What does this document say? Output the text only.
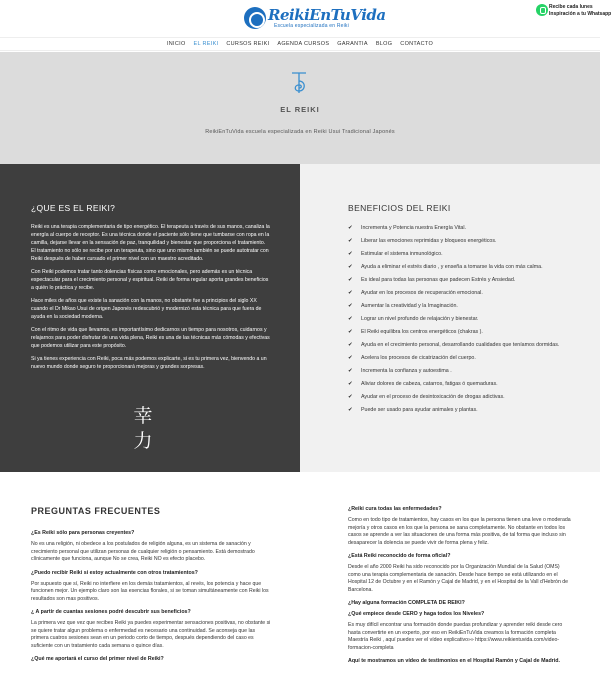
ReikiEnTuVida
Escuela especializada en Reiki
Recibe cada lunes
Inspiración a tu Whatsapp
INICIO EL REIKI CURSOS REIKI AGENDA CURSOS GARANTIA BLOG CONTACTO
EL REIKI
ReikiEnTuVida escuela especializada en Reiki Usui Tradicional Japonés
¿QUE ES EL REIKI?

Reiki es una terapia complementaria de tipo energético. El terapeuta a través de sus manos, canaliza la energía al cuerpo de receptor. Es una técnica donde el paciente sólo tiene que tumbarse con ropa en la camilla, dejarse llevar en la sensación de paz, tranquilidad y bienestar que proporciona el tratamiento. El tratamiento no sólo se recibe por un terapeuta, sino que uno mismo también se puede autotratar con Reiki después de haber cursado el primer nivel con un maestro acreditado.

Con Reiki podemos tratar tanto dolencias físicas como emocionales, pero además es un técnica espectacular para el crecimiento personal y espiritual. Reiki de forma regular aporta grandes beneficios a quién lo práctica y recibe.

Hace miles de años que existe la sanación con la manos, no obstante fue a principios del siglo XX cuando el Dr Mikao Usui de origen Japonés redescubrió y modernizó esta técnica para que fuera de ayuda en la sociedad moderna.

Con el ritmo de vida que llevamos, es importantísimo dedicarnos un tiempo para nosotros, cuidarnos y relajarnos para poder disfrutar de una vida plena, Reiki es una de las técnicas más cómodas y efectivas que podemos utilizar para este propósito.

Si ya tienes experiencia con Reiki, poca más podemos explicarte, si es tu primera vez, bienvendo a un nuevo mundo donde seguro te proporcionará mejoras y grandes sorpresas.

幸
力
BENEFICIOS DEL REIKI
✔ Incrementa y Potencia nuestra Energía Vital.
✔ Liberar las emociones reprimidas y bloqueos energéticos.
✔ Estimular el sistema inmunológico.
✔ Ayuda a eliminar el estrés diario , y enseña a tomarse la vida con más calma.
✔ Es ideal para todas las personas que padecen Estrés y Ansiedad.
✔ Ayudar en los procesos de recuperación emocional.
✔ Aumentar la creatividad y la Imaginación.
✔ Lograr un nivel profundo de relajación y bienestar.
✔ El Reiki equilibra los centros energéticos (chakras ).
✔ Ayuda en el crecimiento personal, desarrollando cualidades que teníamos dormidas.
✔ Acelera los procesos de cicatrización del cuerpo.
✔ Incrementa la confianza y autoestima .
✔ Aliviar dolores de cabeza, catarros, fatigas ó quemaduras.
✔ Ayudar en el proceso de desintoxicación de drogas adictivas.
✔ Puede ser usado para ayudar animales y plantas.
PREGUNTAS FRECUENTES
¿Es Reiki sólo para personas creyentes?
No es una religión, ni obedece a los postulados de religión alguna, es un sistema de sanación y crecimiento personal que utilizan personas de cualquier religión o pensamiento. Está demostrado clínicamente que funciona, aunque No se crea, Reiki NO es efecto placebo.
¿Puedo recibir Reiki si estoy actualmente con otros tratamientos?
Por supuesto que sí, Reiki no interfiere en los demás tratamientos, al revés, los potencia y hace que funcionen mejor. Un ejemplo claro son las esencias florales, si se toman simultáneamente con Reiki los resultados son mas positivos.
¿ A partir de cuantas sesiones podré descubrir sus beneficios?
La primera vez que vez que recibes Reiki ya puedes experimentar sensaciones positivas, no obstante si se quiere tratar algun problema o enfermedad es necesario una continuidad. Se aconseja que las primera cuatros sesiones sean en un periodo corto de tiempo, después dependiendo del caso es suficiente con un tratamiento cada semana o quince días.
¿Qué me aportará el curso del primer nivel de Reiki?
¿Reiki cura todas las enfermedades?
Como en todo tipo de tratamientos, hay casos en los que la persona tienen una leve o moderada mejoría y otros casos en los que la persona se sana completamente. No obstante en todos los casos se aprende a ver las situaciones de una forma más positiva, de tal forma que incluso sin desaparecer la dolencia se puede vivir de forma plena y feliz.
¿Está Reiki reconocido de forma oficial?
Desde el año 2000 Reiki ha sido reconocido por la Organización Mundial de la Salud (OMS) como una terapia complementaria de sanación. Desde hace tiempo se está utilizando en el Hospital 12 de Octubre y en el Ramón y Cajal de Madrid, y en el Hospital de la Vall d'Hebrón de Barcelona.
¿Hay alguna formación COMPLETA DE REIKI?
¿Qué empiece desde CERO y haga todos los Niveles?
Es muy difícil encontrar una formación donde puedas profundizar y aprender reiki desde cero hasta convertirte en un experto, por eso en ReikiEnTuVida creamos la formación completa Maestría Reiki , aquí puedes ver el vídeo explicativo»» https://www.reikientuvida.com/video-formacion-completa
Aquí te mostramos un vídeo de testimonios en el Hospital Ramón y Cajal de Madrid.
